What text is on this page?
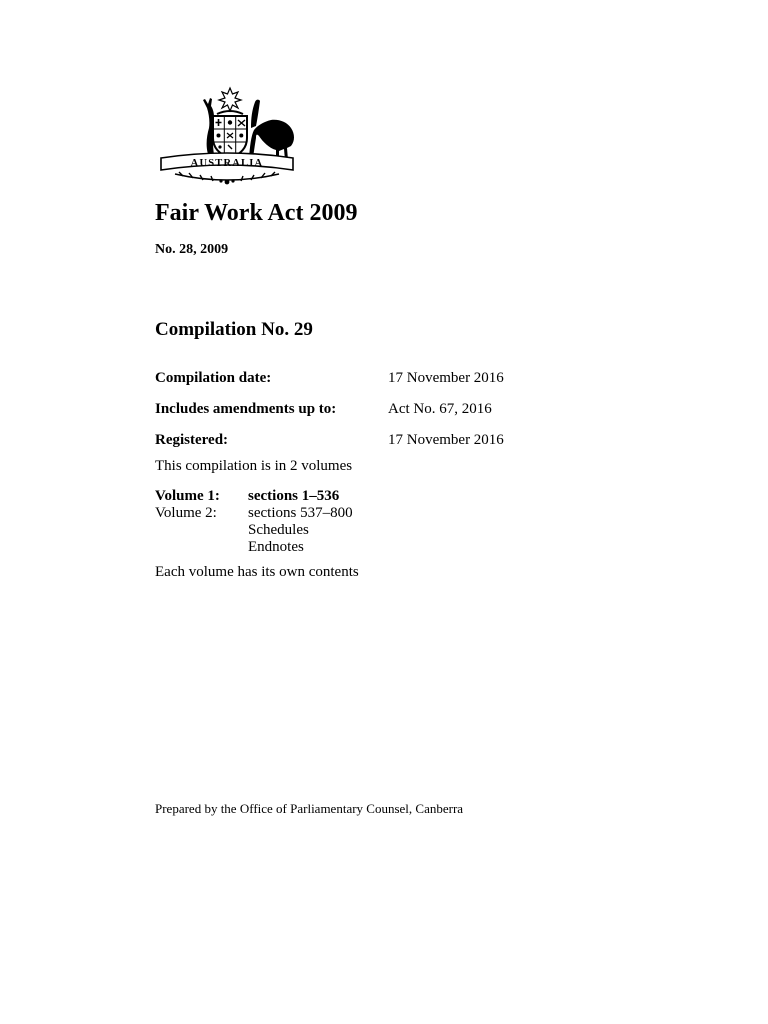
AUSTRALIA
Fair Work Act 2009
No. 28, 2009
Compilation No. 29
Compilation date:	17 November 2016
Includes amendments up to:	Act No. 67, 2016
Registered:	17 November 2016
This compilation is in 2 volumes
Volume 1: sections 1–536
Volume 2: sections 537–800
Schedules
Endnotes
Each volume has its own contents
Prepared by the Office of Parliamentary Counsel, Canberra
